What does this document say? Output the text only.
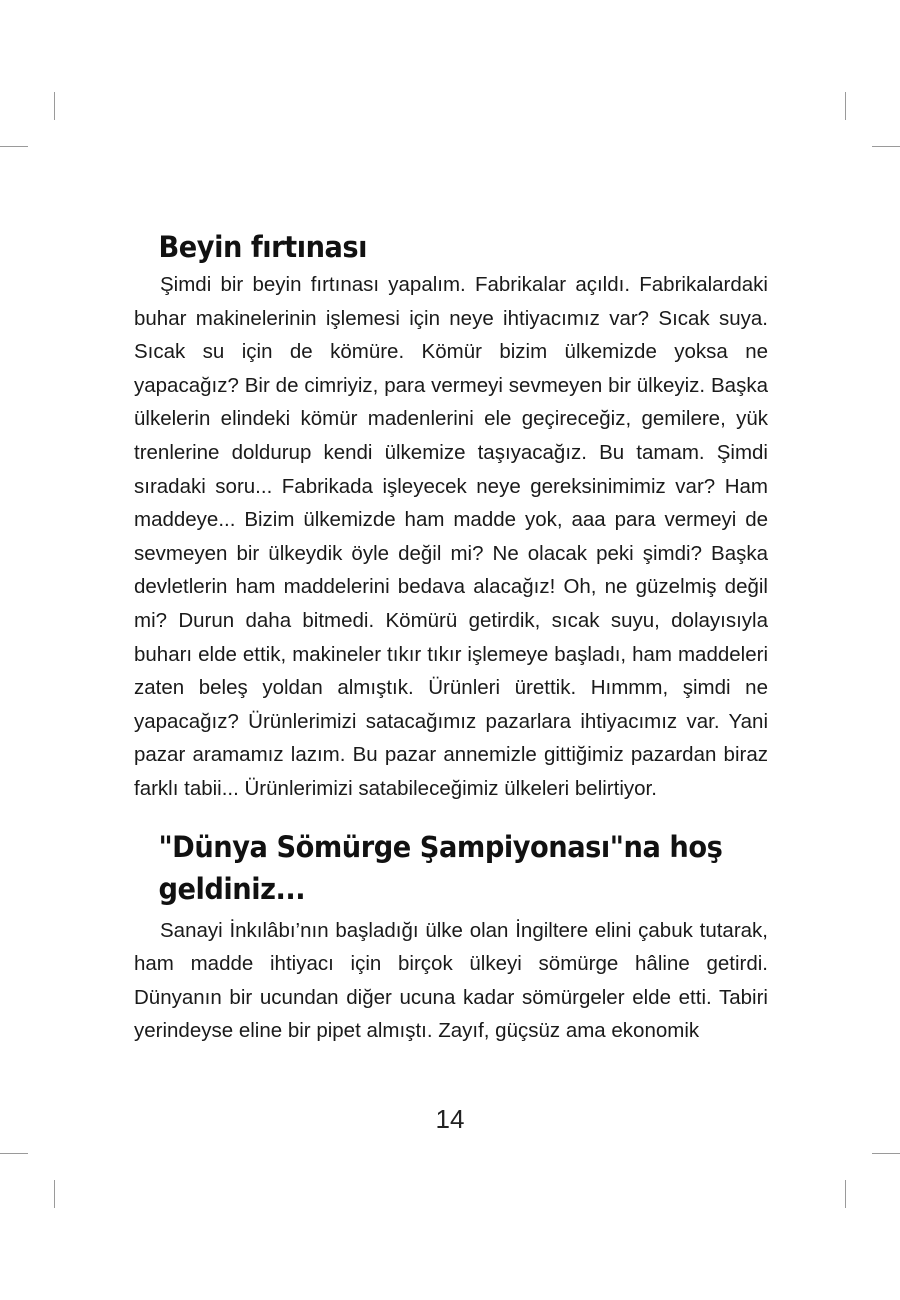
Beyin fırtınası

Şimdi bir beyin fırtınası yapalım. Fabrikalar açıldı. Fabrikalardaki buhar makinelerinin işlemesi için neye ihtiyacımız var? Sıcak suya. Sıcak su için de kömüre. Kömür bizim ülkemizde yoksa ne yapacağız? Bir de cimriyiz, para vermeyi sevmeyen bir ülkeyiz. Başka ülkelerin elindeki kömür madenlerini ele geçireceğiz, gemilere, yük trenlerine doldurup kendi ülkemize taşıyacağız. Bu tamam. Şimdi sıradaki soru... Fabrikada işleyecek neye gereksinimimiz var? Ham maddeye... Bizim ülkemizde ham madde yok, aaa para vermeyi de sevmeyen bir ülkeydik öyle değil mi? Ne olacak peki şimdi? Başka devletlerin ham maddelerini bedava alacağız! Oh, ne güzelmiş değil mi? Durun daha bitmedi. Kömürü getirdik, sıcak suyu, dolayısıyla buharı elde ettik, makineler tıkır tıkır işlemeye başladı, ham maddeleri zaten beleş yoldan almıştık. Ürünleri ürettik. Hımmm, şimdi ne yapacağız? Ürünlerimizi satacağımız pazarlara ihtiyacımız var. Yani pazar aramamız lazım. Bu pazar annemizle gittiğimiz pazardan biraz farklı tabii... Ürünlerimizi satabileceğimiz ülkeleri belirtiyor.

"Dünya Sömürge Şampiyonası"na hoş geldiniz...

Sanayi İnkılâbı’nın başladığı ülke olan İngiltere elini çabuk tutarak, ham madde ihtiyacı için birçok ülkeyi sömürge hâline getirdi. Dünyanın bir ucundan diğer ucuna kadar sömürgeler elde etti. Tabiri yerindeyse eline bir pipet almıştı. Zayıf, güçsüz ama ekonomik

14
